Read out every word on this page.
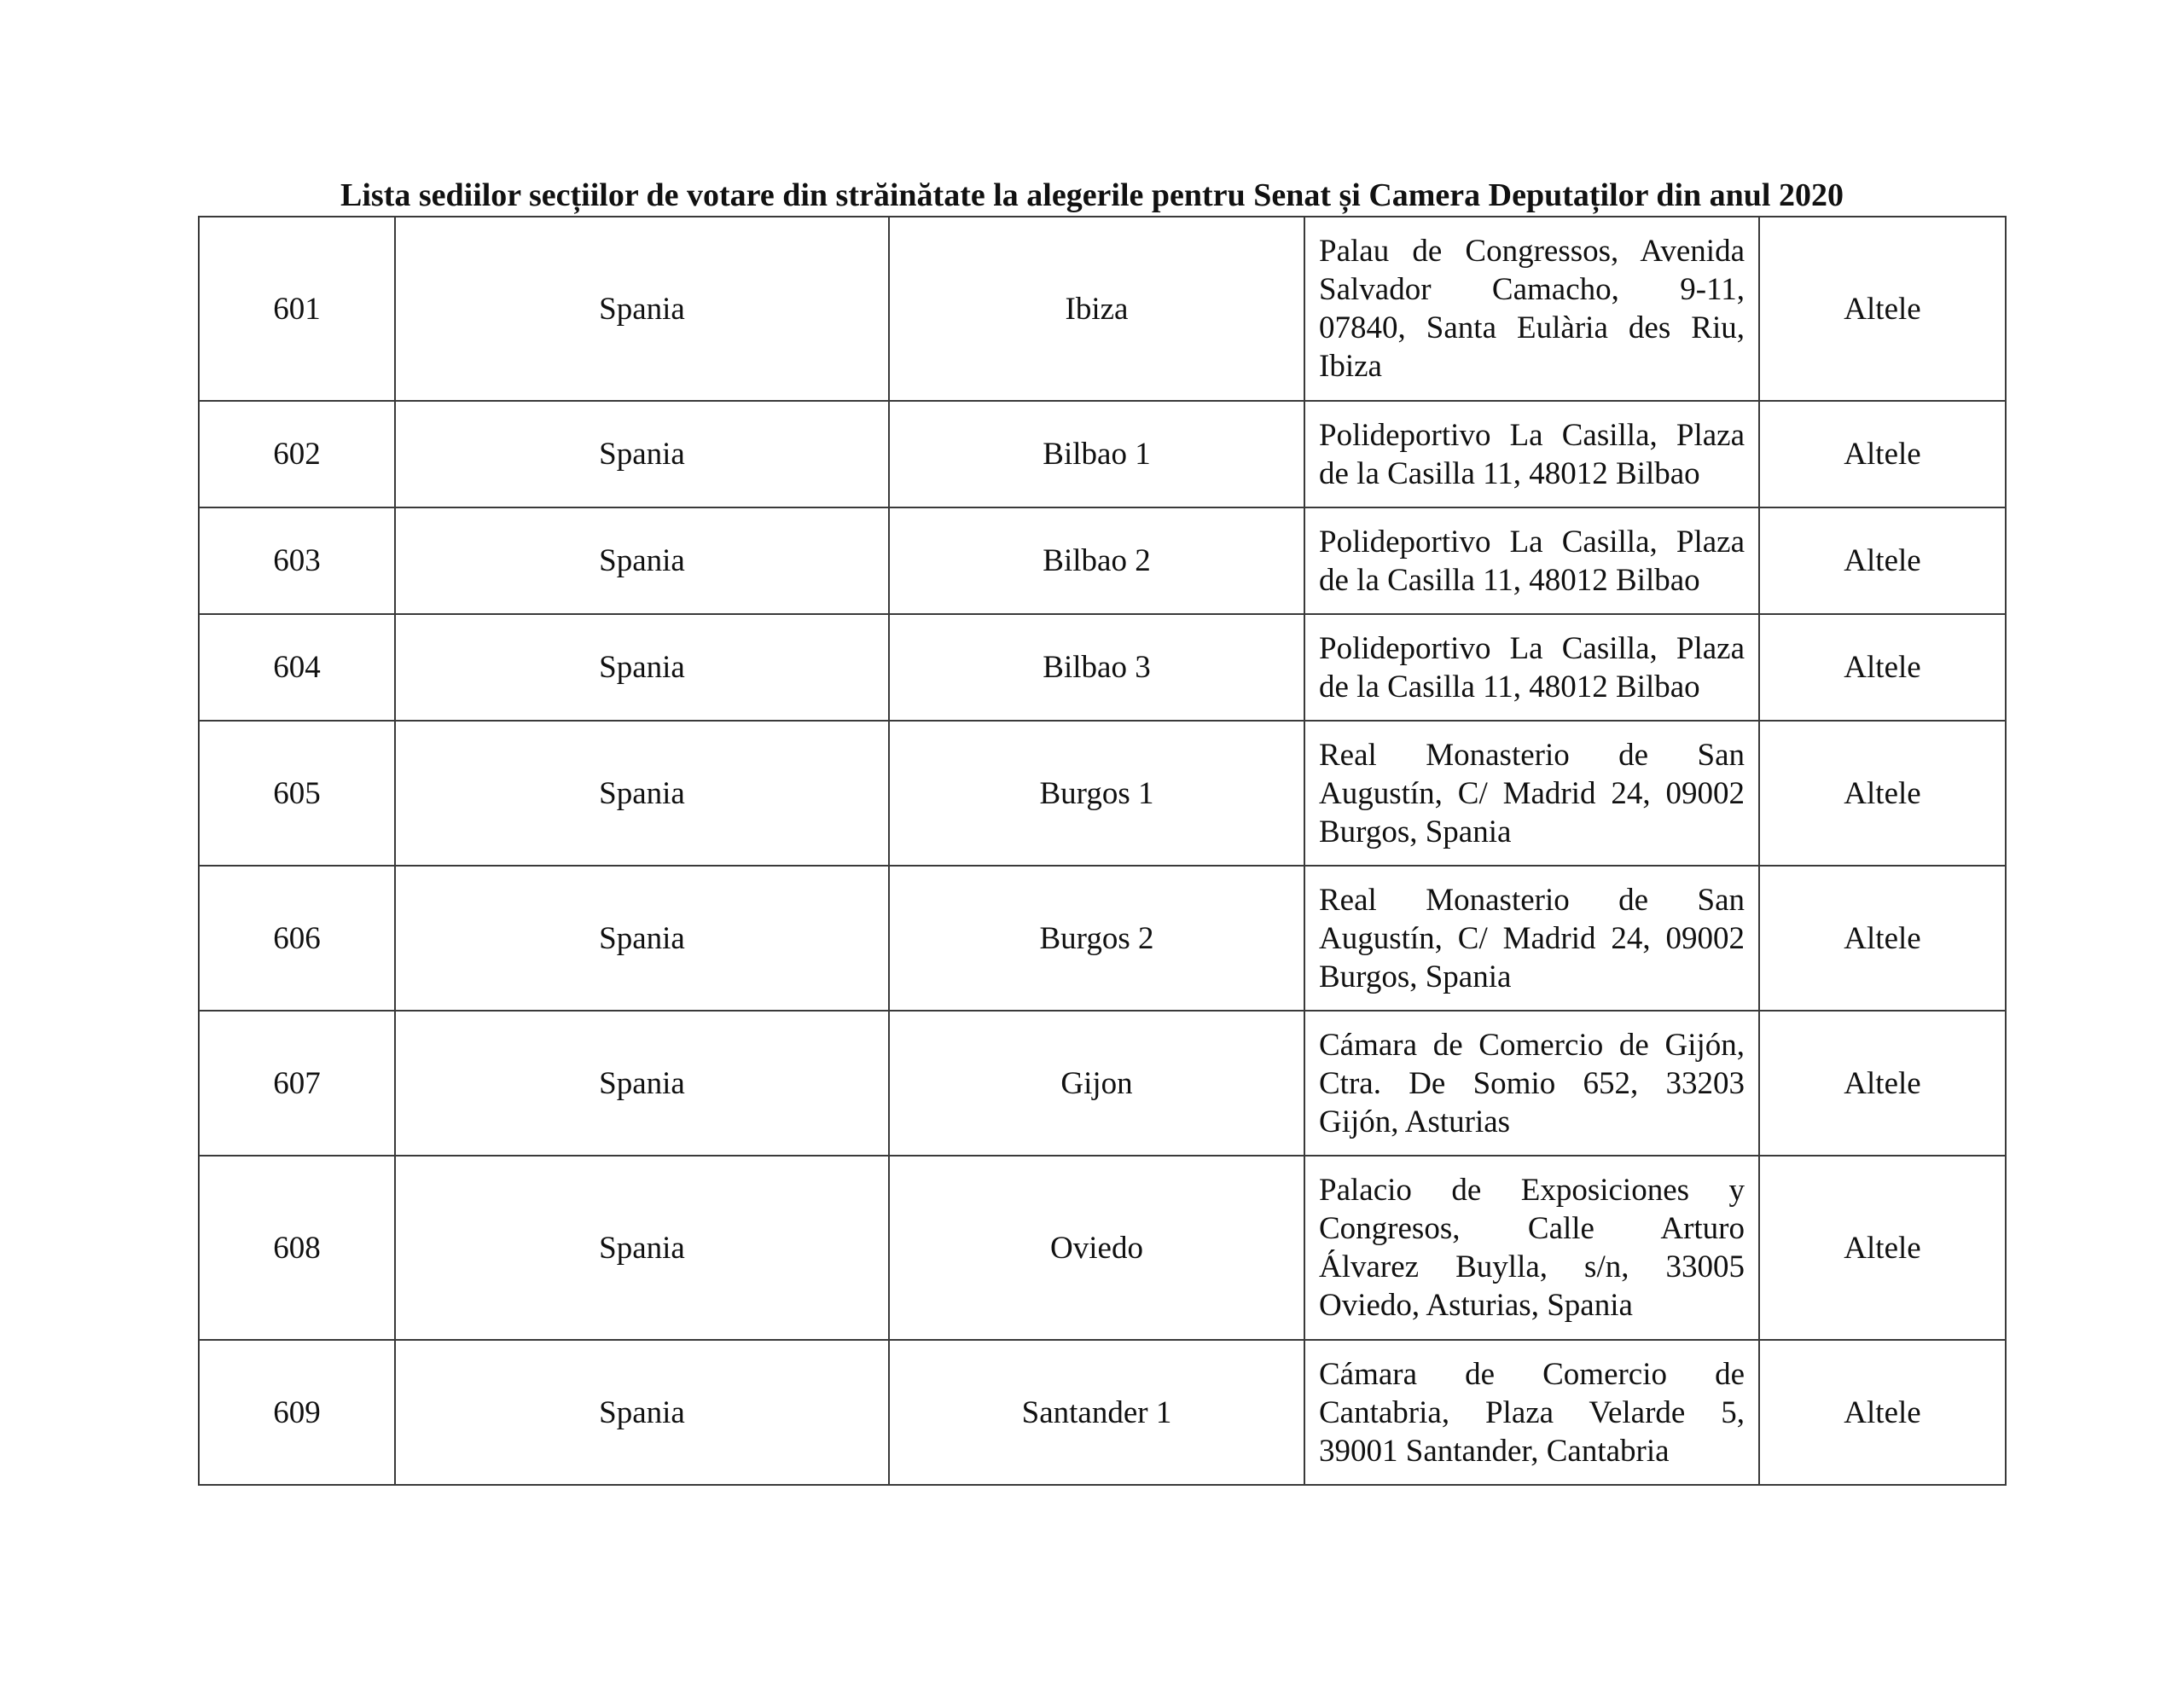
Lista sediilor secțiilor de votare din străinătate la alegerile pentru Senat și Camera Deputaților din anul 2020
601	Spania	Ibiza	Palau de Congressos, Avenida
Salvador Camacho, 9-11,
07840, Santa Eulària des Riu,
Ibiza	Altele
602	Spania	Bilbao 1	Polideportivo La Casilla, Plaza
de la Casilla 11, 48012 Bilbao	Altele
603	Spania	Bilbao 2	Polideportivo La Casilla, Plaza
de la Casilla 11, 48012 Bilbao	Altele
604	Spania	Bilbao 3	Polideportivo La Casilla, Plaza
de la Casilla 11, 48012 Bilbao	Altele
605	Spania	Burgos 1	Real Monasterio de San
Augustín, C/ Madrid 24, 09002
Burgos, Spania	Altele
606	Spania	Burgos 2	Real Monasterio de San
Augustín, C/ Madrid 24, 09002
Burgos, Spania	Altele
607	Spania	Gijon	Cámara de Comercio de Gijón,
Ctra. De Somio 652, 33203
Gijón, Asturias	Altele
608	Spania	Oviedo	Palacio de Exposiciones y
Congresos, Calle Arturo
Álvarez Buylla, s/n, 33005
Oviedo, Asturias, Spania	Altele
609	Spania	Santander 1	Cámara de Comercio de
Cantabria, Plaza Velarde 5,
39001 Santander, Cantabria	Altele
